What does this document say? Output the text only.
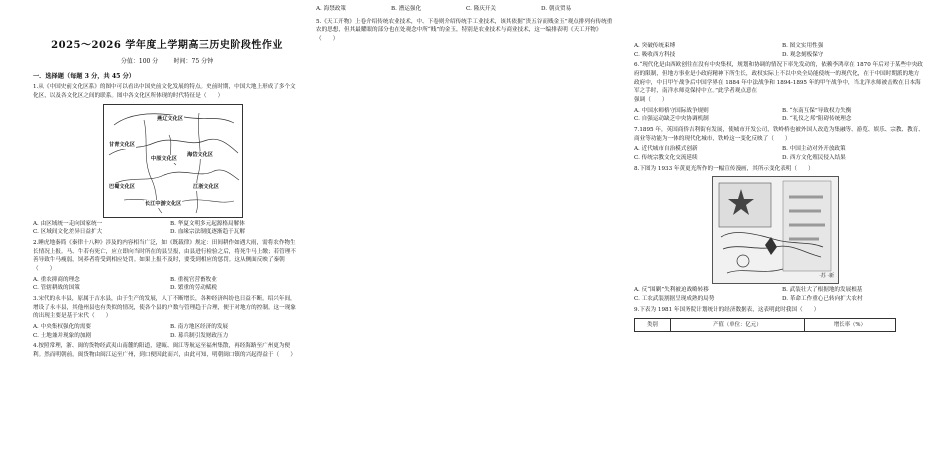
2025～2026 学年度上学期高三历史阶段性作业
分值：100 分	时间：75 分钟
一．选择题（每题 3 分，共 45 分）

1.从《中国史前文化区系》的图中可以看出中国史前文化发展的特点。史前时期，中国大地上形成了多个文化区，以及各文化区之间的联系。图中各文化区所体现的时代特征是（　　）

燕辽文化区
甘青文化区
中原文化区
海岱文化区
巴蜀文化区	江浙文化区
长江中游文化区
A. 由区域统一走向国家统一	B. 华夏文明多元起源格局解体
C. 区域间文化差异日益扩大	D. 血缘宗法制度逐渐趋于瓦解

2.睡虎地秦简《秦律十八种》涉及的内容相当广泛，如《既载律》规定：田间耕作如遇大雨，需将农作物生长情况上报。马、牛若有死亡，应立即向当时所在的县呈报，由县进行检验之后，将死牛马上缴；若管理不善导致牛马瘦弱，饲养者将受到相应处罚。如果上报不及时，要受到相应的惩罚。这从侧面反映了秦朝（　　）

A. 重农抑商的理念	B. 重视官营畜牧业
C. 管辖耕战的国策	D. 繁重的劳动赋税

3.宋代的永丰县，原属于吉水县，由于生产的发展，人丁不断增长，各种经济纠纷也日益不断。绍兴年间，增设了永丰县，其他州县也有类似的情况，使各个县的户数与管理趋于合理，便于对地方的控制。这一现象的出现主要是基于宋代（　　）

A. 中央集权强化的需要	B. 南方地区经济的发展
C. 土地兼并现象的加剧	D. 募兵制引发财政压力

4.按照常理，浙、闽的货物经武夷山南麓的阳道，建瓯、闽江等航运至福州集散，再经海路至广州更为便利。然而明朝前，闽货物由闽江运至广州，到口便因此而兴，由此可知，明朝闽口镇的兴起得益于（　　）

A. 海禁政策	B. 漕运强化	C. 隆庆开关	D. 朝贡贸易

5.《天工开物》上卷介绍传统农业技术，中、下卷则介绍传统手工业技术，该其依据“贵五谷而贱金玉”观点排列有传统重农的思想，但其最耀眼的部分也在处观念中所“贱”的金玉，特别是农业技术与商业技术，这一编排表明《天工开物》（　　）

A. 突破传统束缚	B. 图文实用性强
C. 吸收西方科技	D. 观念刻板保守

6.“现代化是由西欧创往在没有中央集权，规划和协调的情况下率先发动的，依赖李鸿章在 1870 年后对于某些中央政府的限制，但地方事业是小政府精神下所生长，政权实际上不以中央全局能使统一的现代化，在于中国时期派的地方政府中，中日甲午战争后中国学界在 1884 年中法战争和 1894-1895 年的甲午战争中，当北洋水师被击败在日本海军之手时，南洋水师竟保持中立。”此学者观点意在

强调（　　）

A. 中国水师格守国际战争规则	B. “东南互保”导致权力失衡
C. 自强运动缺乏中央协调机制	D. “礼仪之邦”阻碍传统理念

7.1895 年，英国商侨吉利街有发展，使城市开发公司，铁岭桥也被外国人改造为集融等、游览、娱乐、宗教、教育、商业等功能为一体的现代化城市，铁岭这一变化反映了（　　）

A. 近代城市自治模式创新	B. 中国主动对外开放政策
C. 传统宗教文化交流延续	D. 西方文化殖民侵入结果

8.下图为 1933 年黄更光所作的一幅宣传漫画，其所示变化表明（　　）

·苏 ·新
A. 反“围剿”失利被迫战略转移	B. 武装壮大了根据地的发展根基
C. 工农武装割据呈现成熟的局势	D. 革命工作重心已转向扩大农村

9.下表为 1981 年国务院计划统计的经济数据表，这表明此时我国（　　）

类别	产值（单位：亿元）	增长率（%）
